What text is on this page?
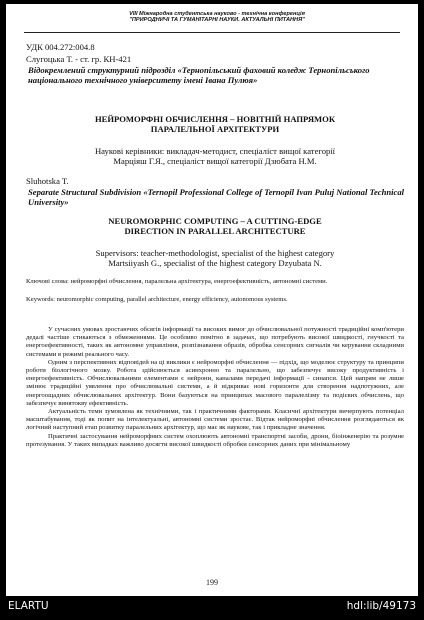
VIII Міжнародна студентська науково - технічна конференція
"ПРИРОДНИЧІ ТА ГУМАНІТАРНІ НАУКИ. АКТУАЛЬНІ ПИТАННЯ"
УДК 004.272:004.8
Слугоцька Т. - ст. гр. КН-421
Відокремлений структурний підрозділ «Тернопільський фаховий коледж Тернопільського національного технічного університету імені Івана Пулюя»
НЕЙРОМОРФНІ ОБЧИСЛЕННЯ – НОВІТНІЙ НАПРЯМОК
ПАРАЛЕЛЬНОЇ АРХІТЕКТУРИ
Наукові керівники: викладач-методист, спеціаліст вищої категорії
Марціяш Г.Я., спеціаліст вищої категорії Дзюбата Н.М.
Sluhotska T.
Separate Structural Subdivision «Ternopil Professional College of Ternopil Ivan Puluj National Technical University»
NEUROMORPHIC COMPUTING – A CUTTING-EDGE
DIRECTION IN PARALLEL ARCHITECTURE
Supervisors: teacher-methodologist, specialist of the highest category
Martsiiyash G., specialist of the highest category Dzyubata N.
Ключові слова: нейроморфні обчислення, паралельна архітектура, енергоефективність, автономні системи.
Keywords: neuromorphic computing, parallel architecture, energy efficiency, autonomous systems.

У сучасних умовах зростаючих обсягів інформації та високих вимог до обчислювальної потужності традиційні комп'ютери дедалі частіше стикаються з обмеженнями. Це особливо помітно в задачах, що потребують високої швидкості, гнучкості та енергоефективності, таких як автономне управління, розпізнавання образів, обробка сенсорних сигналів чи керування складними системами в режимі реального часу.

Одним з перспективних відповідей на ці виклики є нейроморфні обчислення — підхід, що моделює структуру та принципи роботи біологічного мозку. Робота здійснюється асинхронно та паралельно, що забезпечує високу продуктивність і енергоефективність. Обчислювальними елементами є нейрони, каналами передачі інформації - синапси. Цей напрям не лише змінює традиційні уявлення про обчислювальні системи, а й відкриває нові горизонти для створення надпотужних, але енергоощадних обчислювальних архітектур. Вони базуються на принципах масового паралелізму та подієвих обчислень, що забезпечує винятокву ефективність.

Актуальність теми зумовлена як технічними, так і практичними факторами. Класичні архітектури вичерпують потенціал масштабування, тоді як попит на інтелектуальні, автономні системи зростає. Відтак нейроморфні обчислення розглядаються як логічний наступний етап розвитку паралельних архітектур, що має як наукове, так і прикладне значення.

Практичні застосування нейроморфних систем охоплюють автономні транспортні засоби, дрони, біоінженерію та розумне протезування. У таких випадках важливо досягти високої швидкості обробки сенсорних даних при мінімальному

199
ELARTU	hdl:lib/49173
